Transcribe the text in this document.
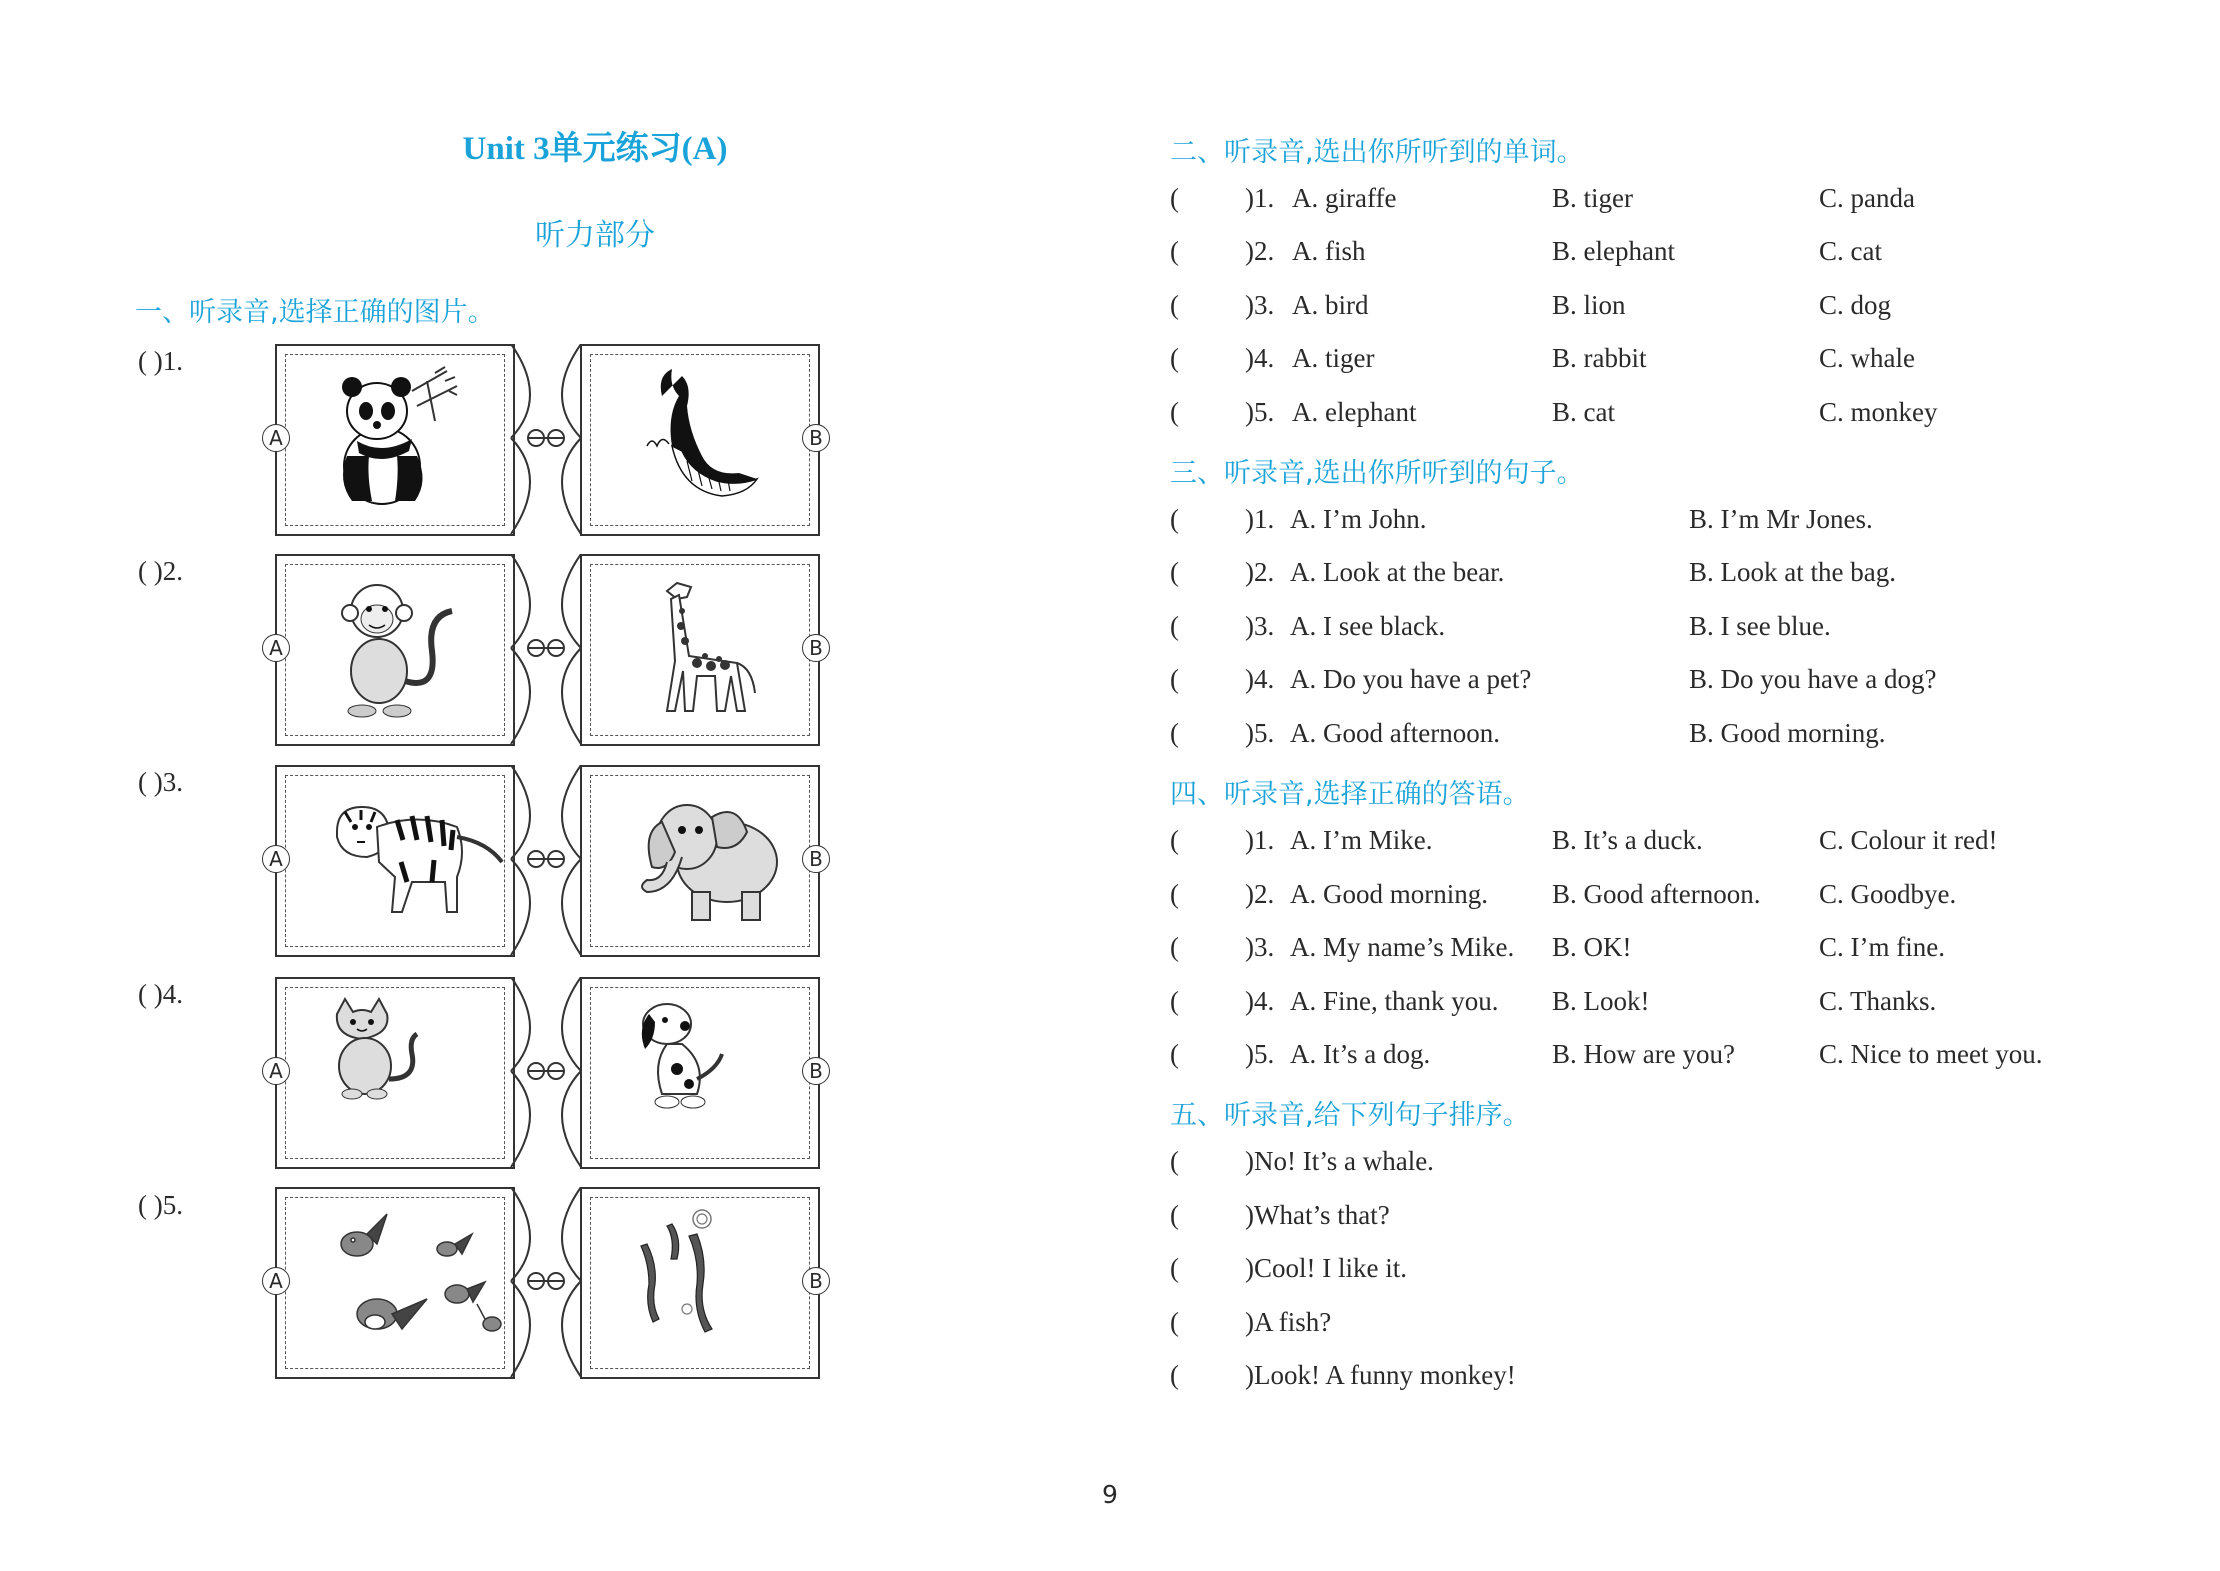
Unit 3单元练习(A)
听力部分
一、听录音,选择正确的图片。
( )1.
( )2.
( )3.
( )4.
( )5.
A	B
A	B
A	B
A	B
A	B
二、听录音,选出你所听到的单词。
( )1. A. giraffe	B. tiger	C. panda
( )2. A. fish	B. elephant	C. cat
( )3. A. bird	B. lion	C. dog
( )4. A. tiger	B. rabbit	C. whale
( )5. A. elephant	B. cat	C. monkey
三、听录音,选出你所听到的句子。
( )1. A. I’m John.	B. I’m Mr Jones.
( )2. A. Look at the bear.	B. Look at the bag.
( )3. A. I see black.	B. I see blue.
( )4. A. Do you have a pet?	B. Do you have a dog?
( )5. A. Good afternoon.	B. Good morning.
四、听录音,选择正确的答语。
( )1. A. I’m Mike.	B. It’s a duck.	C. Colour it red!
( )2. A. Good morning. B. Good afternoon. C. Goodbye.
( )3. A. My name’s Mike. B. OK!	C. I’m fine.
( )4. A. Fine, thank you. B. Look!	C. Thanks.
( )5. A. It’s a dog.	B. How are you?	C. Nice to meet you.
五、听录音,给下列句子排序。
( )No! It’s a whale.
( )What’s that?
( )Cool! I like it.
( )A fish?
( )Look! A funny monkey!
9
